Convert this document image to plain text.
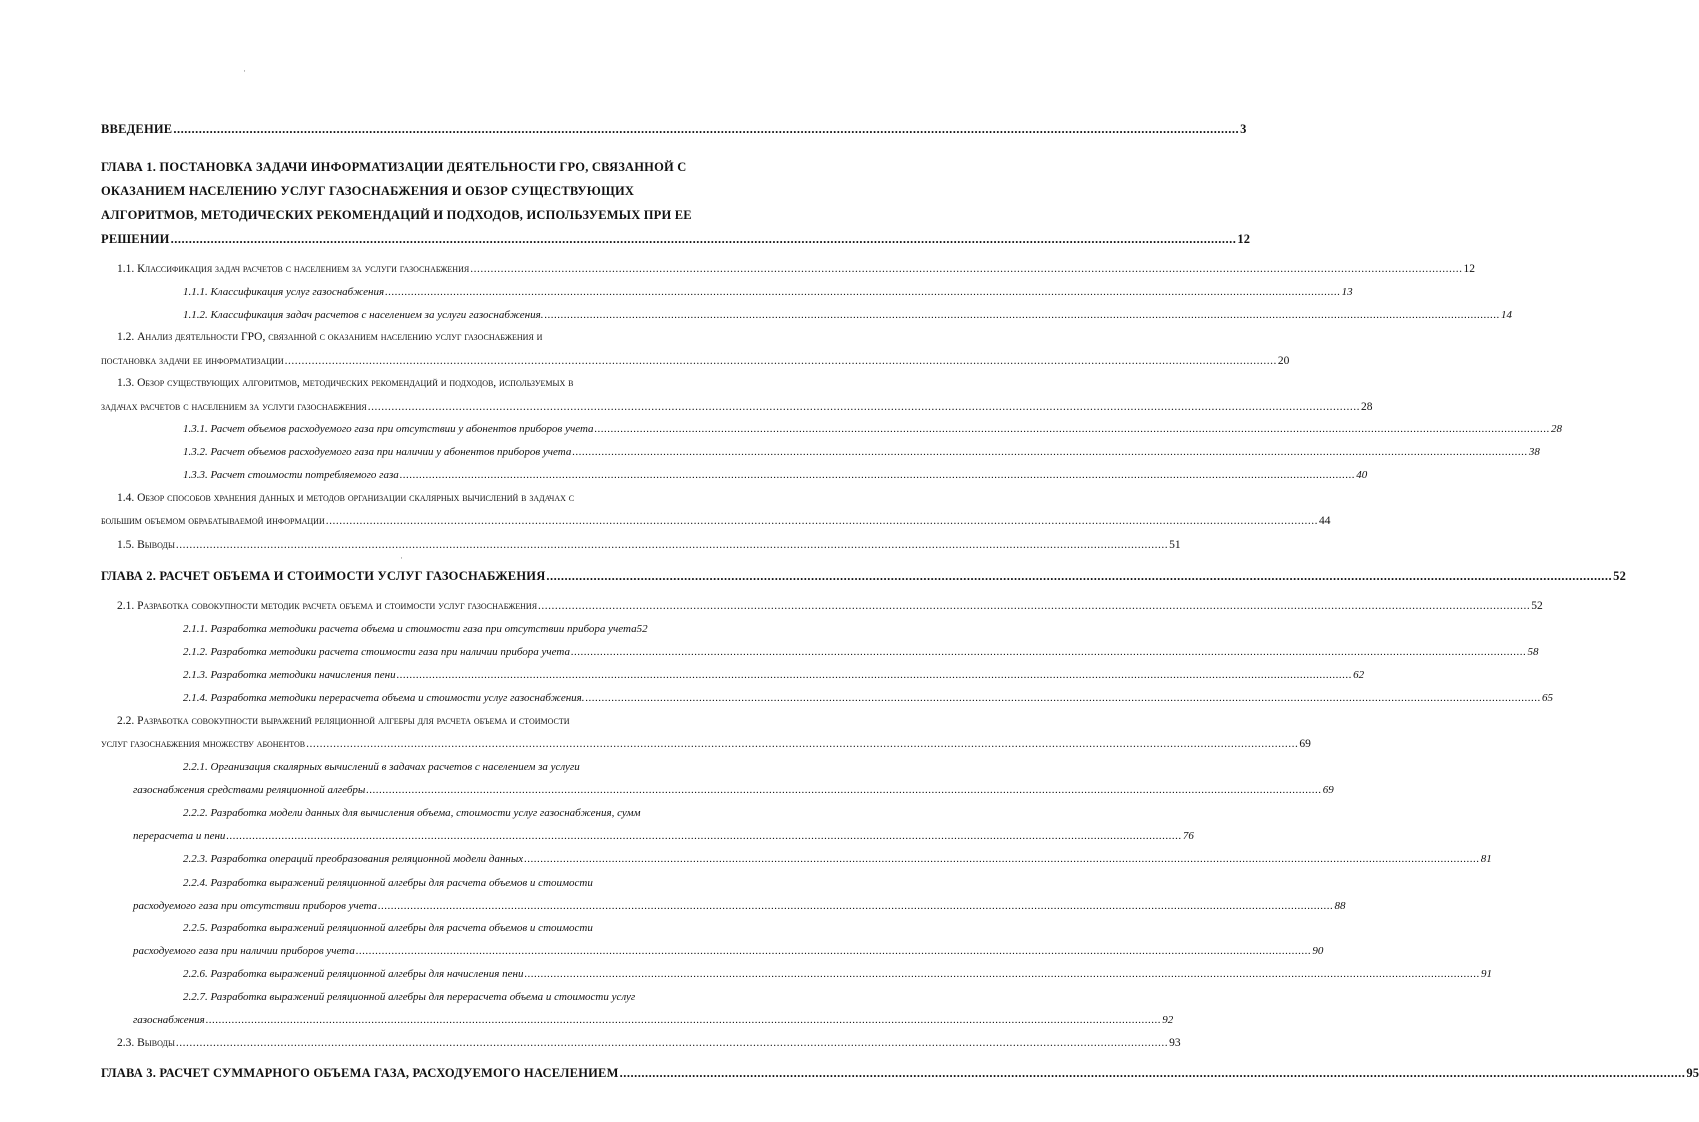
·
ВВЕДЕНИЕ .....	3
ГЛАВА 1. ПОСТАНОВКА ЗАДАЧИ ИНФОРМАТИЗАЦИИ ДЕЯТЕЛЬНОСТИ ГРО, СВЯЗАННОЙ С
ОКАЗАНИЕМ НАСЕЛЕНИЮ УСЛУГ ГАЗОСНАБЖЕНИЯ И ОБЗОР СУЩЕСТВУЮЩИХ
АЛГОРИТМОВ, МЕТОДИЧЕСКИХ РЕКОМЕНДАЦИЙ И ПОДХОДОВ, ИСПОЛЬЗУЕМЫХ ПРИ ЕЕ
РЕШЕНИИ .....	12
1.1. Классификация задач расчетов с населением за услуги газоснабжения .....	12
1.1.1. Классификация услуг газоснабжения .....	13
1.1.2. Классификация задач расчетов с населением за услуги газоснабжения. .....	14
1.2. Анализ деятельности ГРО, связанной с оказанием населению услуг газоснабжения и
постановка задачи ее информатизации .....	20
1.3. Обзор существующих алгоритмов, методических рекомендаций и подходов, используемых в
задачах расчетов с населением за услуги газоснабжения .....	28
1.3.1. Расчет объемов расходуемого газа при отсутствии у абонентов приборов учета .....	28
1.3.2. Расчет объемов расходуемого газа при наличии у абонентов приборов учета .....	38
1.3.3. Расчет стоимости потребляемого газа .....	40
1.4. Обзор способов хранения данных и методов организации скалярных вычислений в задачах с
большим объемом обрабатываемой информации .....	44
1.5. Выводы .....	51
·
ГЛАВА 2. РАСЧЕТ ОБЪЕМА И СТОИМОСТИ УСЛУГ ГАЗОСНАБЖЕНИЯ .....	52
2.1. Разработка совокупности методик расчета объема и стоимости услуг газоснабжения .....	52
2.1.1. Разработка методики расчета объема и стоимости газа при отсутствии прибора учета 52
2.1.2. Разработка методики расчета стоимости газа при наличии прибора учета .....	58
2.1.3. Разработка методики начисления пени .....	62
2.1.4. Разработка методики перерасчета объема и стоимости услуг газоснабжения. .....	65
2.2. Разработка совокупности выражений реляционной алгебры для расчета объема и стоимости
услуг газоснабжения множеству абонентов .....	69
2.2.1. Организация скалярных вычислений в задачах расчетов с населением за услуги
газоснабжения средствами реляционной алгебры .....	69
2.2.2. Разработка модели данных для вычисления объема, стоимости услуг газоснабжения, сумм
перерасчета и пени .....	76
2.2.3. Разработка операций преобразования реляционной модели данных .....	81
2.2.4. Разработка выражений реляционной алгебры для расчета объемов и стоимости
расходуемого газа при отсутствии приборов учета .....	88
2.2.5. Разработка выражений реляционной алгебры для расчета объемов и стоимости
расходуемого газа при наличии приборов учета .....	90
2.2.6. Разработка выражений реляционной алгебры для начисления пени .....	91
2.2.7. Разработка выражений реляционной алгебры для перерасчета объема и стоимости услуг
газоснабжения .....	92
2.3. Выводы .....	93
ГЛАВА 3. РАСЧЕТ СУММАРНОГО ОБЪЕМА ГАЗА, РАСХОДУЕМОГО НАСЕЛЕНИЕМ .....	95
